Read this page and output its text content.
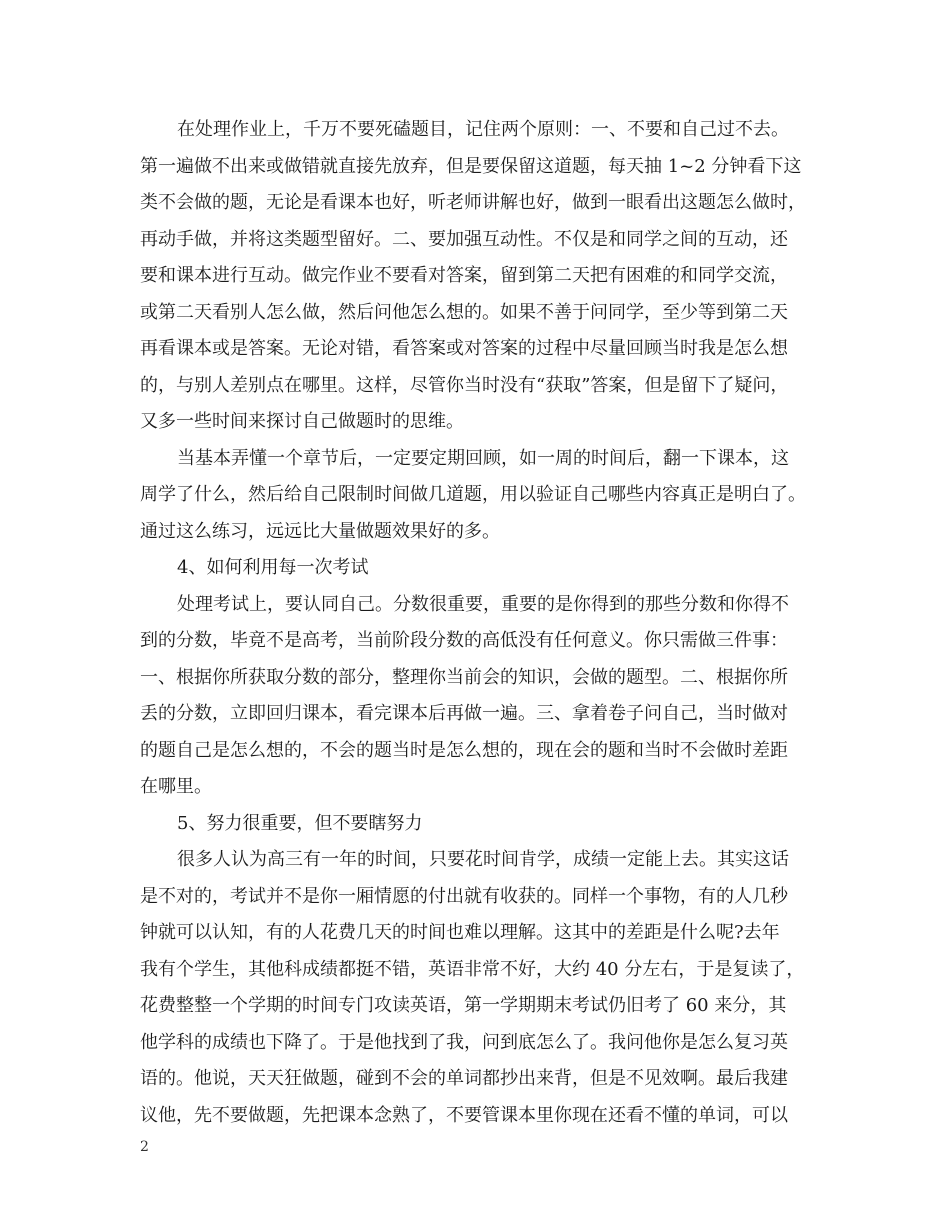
在处理作业上，千万不要死磕题目，记住两个原则：一、不要和自己过不去。
第一遍做不出来或做错就直接先放弃，但是要保留这道题，每天抽 1~2 分钟看下这
类不会做的题，无论是看课本也好，听老师讲解也好，做到一眼看出这题怎么做时，
再动手做，并将这类题型留好。二、要加强互动性。不仅是和同学之间的互动，还
要和课本进行互动。做完作业不要看对答案，留到第二天把有困难的和同学交流，
或第二天看别人怎么做，然后问他怎么想的。如果不善于问同学，至少等到第二天
再看课本或是答案。无论对错，看答案或对答案的过程中尽量回顾当时我是怎么想
的，与别人差别点在哪里。这样，尽管你当时没有“获取”答案，但是留下了疑问，
又多一些时间来探讨自己做题时的思维。
当基本弄懂一个章节后，一定要定期回顾，如一周的时间后，翻一下课本，这
周学了什么，然后给自己限制时间做几道题，用以验证自己哪些内容真正是明白了。
通过这么练习，远远比大量做题效果好的多。
4、如何利用每一次考试
处理考试上，要认同自己。分数很重要，重要的是你得到的那些分数和你得不
到的分数，毕竟不是高考，当前阶段分数的高低没有任何意义。你只需做三件事：
一、根据你所获取分数的部分，整理你当前会的知识，会做的题型。二、根据你所
丢的分数，立即回归课本，看完课本后再做一遍。三、拿着卷子问自己，当时做对
的题自己是怎么想的，不会的题当时是怎么想的，现在会的题和当时不会做时差距
在哪里。
5、努力很重要，但不要瞎努力
很多人认为高三有一年的时间，只要花时间肯学，成绩一定能上去。其实这话
是不对的，考试并不是你一厢情愿的付出就有收获的。同样一个事物，有的人几秒
钟就可以认知，有的人花费几天的时间也难以理解。这其中的差距是什么呢?去年
我有个学生，其他科成绩都挺不错，英语非常不好，大约 40 分左右，于是复读了，
花费整整一个学期的时间专门攻读英语，第一学期期末考试仍旧考了 60 来分，其
他学科的成绩也下降了。于是他找到了我，问到底怎么了。我问他你是怎么复习英
语的。他说，天天狂做题，碰到不会的单词都抄出来背，但是不见效啊。最后我建
议他，先不要做题，先把课本念熟了，不要管课本里你现在还看不懂的单词，可以
2
